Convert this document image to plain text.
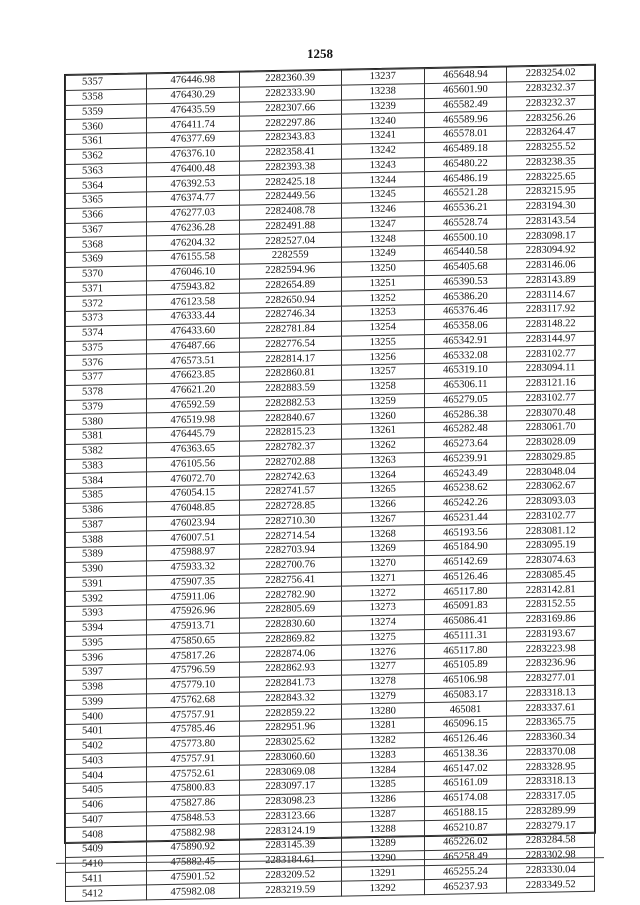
1258
5357	476446.98	2282360.39	13237	465648.94	2283254.02
5358	476430.29	2282333.90	13238	465601.90	2283232.37
5359	476435.59	2282307.66	13239	465582.49	2283232.37
5360	476411.74	2282297.86	13240	465589.96	2283256.26
5361	476377.69	2282343.83	13241	465578.01	2283264.47
5362	476376.10	2282358.41	13242	465489.18	2283255.52
5363	476400.48	2282393.38	13243	465480.22	2283238.35
5364	476392.53	2282425.18	13244	465486.19	2283225.65
5365	476374.77	2282449.56	13245	465521.28	2283215.95
5366	476277.03	2282408.78	13246	465536.21	2283194.30
5367	476236.28	2282491.88	13247	465528.74	2283143.54
5368	476204.32	2282527.04	13248	465500.10	2283098.17
5369	476155.58	2282559	13249	465440.58	2283094.92
5370	476046.10	2282594.96	13250	465405.68	2283146.06
5371	475943.82	2282654.89	13251	465390.53	2283143.89
5372	476123.58	2282650.94	13252	465386.20	2283114.67
5373	476333.44	2282746.34	13253	465376.46	2283117.92
5374	476433.60	2282781.84	13254	465358.06	2283148.22
5375	476487.66	2282776.54	13255	465342.91	2283144.97
5376	476573.51	2282814.17	13256	465332.08	2283102.77
5377	476623.85	2282860.81	13257	465319.10	2283094.11
5378	476621.20	2282883.59	13258	465306.11	2283121.16
5379	476592.59	2282882.53	13259	465279.05	2283102.77
5380	476519.98	2282840.67	13260	465286.38	2283070.48
5381	476445.79	2282815.23	13261	465282.48	2283061.70
5382	476363.65	2282782.37	13262	465273.64	2283028.09
5383	476105.56	2282702.88	13263	465239.91	2283029.85
5384	476072.70	2282742.63	13264	465243.49	2283048.04
5385	476054.15	2282741.57	13265	465238.62	2283062.67
5386	476048.85	2282728.85	13266	465242.26	2283093.03
5387	476023.94	2282710.30	13267	465231.44	2283102.77
5388	476007.51	2282714.54	13268	465193.56	2283081.12
5389	475988.97	2282703.94	13269	465184.90	2283095.19
5390	475933.32	2282700.76	13270	465142.69	2283074.63
5391	475907.35	2282756.41	13271	465126.46	2283085.45
5392	475911.06	2282782.90	13272	465117.80	2283142.81
5393	475926.96	2282805.69	13273	465091.83	2283152.55
5394	475913.71	2282830.60	13274	465086.41	2283169.86
5395	475850.65	2282869.82	13275	465111.31	2283193.67
5396	475817.26	2282874.06	13276	465117.80	2283223.98
5397	475796.59	2282862.93	13277	465105.89	2283236.96
5398	475779.10	2282841.73	13278	465106.98	2283277.01
5399	475762.68	2282843.32	13279	465083.17	2283318.13
5400	475757.91	2282859.22	13280	465081	2283337.61
5401	475785.46	2282951.96	13281	465096.15	2283365.75
5402	475773.80	2283025.62	13282	465126.46	2283360.34
5403	475757.91	2283060.60	13283	465138.36	2283370.08
5404	475752.61	2283069.08	13284	465147.02	2283328.95
5405	475800.83	2283097.17	13285	465161.09	2283318.13
5406	475827.86	2283098.23	13286	465174.08	2283317.05
5407	475848.53	2283123.66	13287	465188.15	2283289.99
5408	475882.98	2283124.19	13288	465210.87	2283279.17
5409	475890.92	2283145.39	13289	465226.02	2283284.58
5410	475882.45	2283184.61	13290	465258.49	2283302.98
5411	475901.52	2283209.52	13291	465255.24	2283330.04
5412	475982.08	2283219.59	13292	465237.93	2283349.52
